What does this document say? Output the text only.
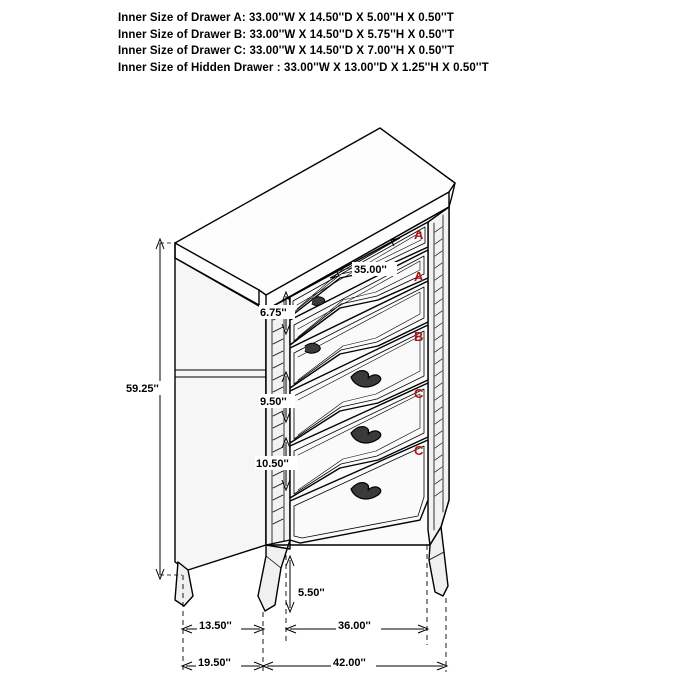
Inner Size of Drawer A: 33.00''W X 14.50''D X 5.00''H X 0.50''T
Inner Size of Drawer B: 33.00''W X 14.50''D X 5.75''H X 0.50''T
Inner Size of Drawer C: 33.00''W X 14.50''D X 7.00''H X 0.50''T
Inner Size of Hidden Drawer : 33.00''W X 13.00''D X 1.25''H X 0.50''T
59.25''
35.00''
6.75''
9.50''
10.50''
5.50''
13.50''	36.00''
19.50''	42.00''
A
A
B
C
C
